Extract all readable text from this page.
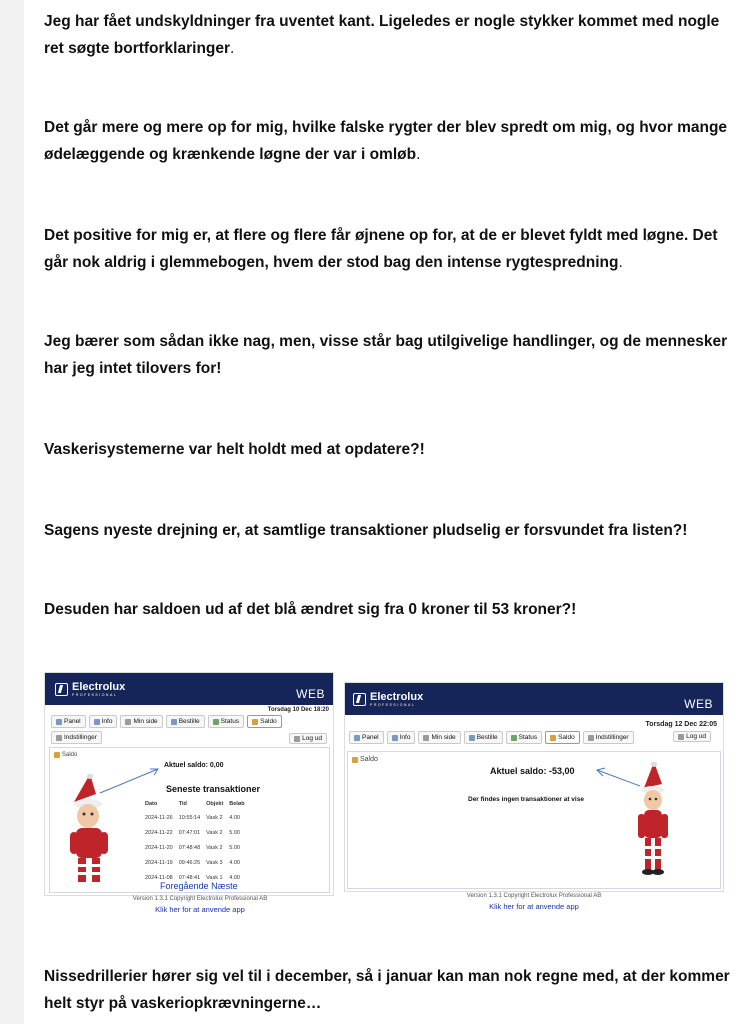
Jeg har fået undskyldninger fra uventet kant. Ligeledes er nogle stykker kommet med nogle ret søgte bortforklaringer.

Det går mere og mere op for mig, hvilke falske rygter der blev spredt om mig, og hvor mange ødelæggende og krænkende løgne der var i omløb.

Det positive for mig er, at flere og flere får øjnene op for, at de er blevet fyldt med løgne. Det går nok aldrig i glemmebogen, hvem der stod bag den intense rygtespredning.

Jeg bærer som sådan ikke nag, men, visse står bag utilgivelige handlinger, og de mennesker har jeg intet tilovers for!

Vaskerisystemerne var helt holdt med at opdatere?!

Sagens nyeste drejning er, at samtlige transaktioner pludselig er forsvundet fra listen?!

Desuden har saldoen ud af det blå ændret sig fra 0 kroner til 53 kroner?!

Nissedrillerier hører sig vel til i december, så i januar kan man nok regne med, at der kommer helt styr på vaskeriopkrævningerne…

Electrolux
PROFESSIONAL	WEB
Torsdag 10 Dec 18:20
Panel	Info	Min side	Bestille	Status	Saldo
Indstillinger	Log ud
Saldo
Aktuel saldo: 0,00
Seneste transaktioner
Dato	Tid	Objekt	Beløb
2024-11-26	10:55:14	Vask 2	4.00
2024-11-22	07:47:01	Vask 2	5.00
2024-11-20	07:48:48	Vask 2	5.00
2024-11-19	09:46:25	Vask 3	4.00
2024-11-08	07:48:41	Vask 1	4.00
Foregående Næste
Version 1.3.1 Copyright Electrolux Professional AB
Klik her for at anvende app
Electrolux
PROFESSIONAL	WEB
Torsdag 12 Dec 22:05
Panel	Info	Min side	Bestille	Status	Saldo	Indstillinger	Log ud
Saldo
Aktuel saldo: -53,00
Der findes ingen transaktioner at vise
Version 1.3.1 Copyright Electrolux Professional AB
Klik her for at anvende app
